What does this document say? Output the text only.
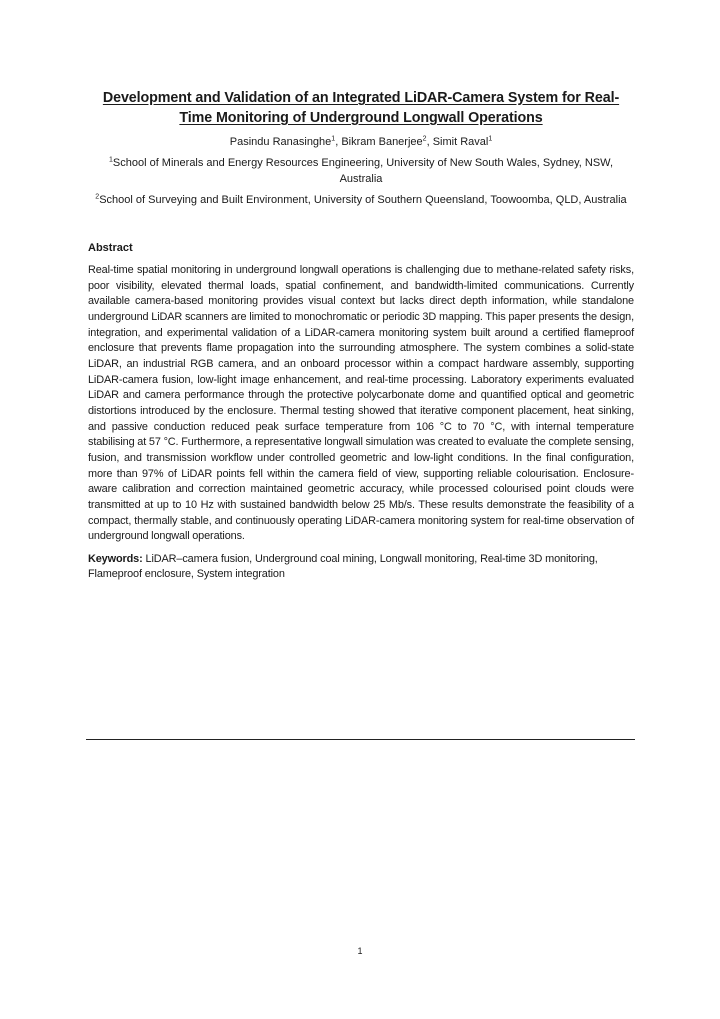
Development and Validation of an Integrated LiDAR-Camera System for Real-Time Monitoring of Underground Longwall Operations
Pasindu Ranasinghe$^1$, Bikram Banerjee$^2$, Simit Raval$^1$
$^1$School of Minerals and Energy Resources Engineering, University of New South Wales, Sydney, NSW, Australia
$^2$School of Surveying and Built Environment, University of Southern Queensland, Toowoomba, QLD, Australia
Abstract

Real-time spatial monitoring in underground longwall operations is challenging due to methane-related safety risks, poor visibility, elevated thermal loads, spatial confinement, and bandwidth-limited communications. Currently available camera-based monitoring provides visual context but lacks direct depth information, while standalone underground LiDAR scanners are limited to monochromatic or periodic 3D mapping. This paper presents the design, integration, and experimental validation of a LiDAR-camera monitoring system built around a certified flameproof enclosure that prevents flame propagation into the surrounding atmosphere. The system combines a solid-state LiDAR, an industrial RGB camera, and an onboard processor within a compact hardware assembly, supporting LiDAR-camera fusion, low-light image enhancement, and real-time processing. Laboratory experiments evaluated LiDAR and camera performance through the protective polycarbonate dome and quantified optical and geometric distortions introduced by the enclosure. Thermal testing showed that iterative component placement, heat sinking, and passive conduction reduced peak surface temperature from 106 °C to 70 °C, with internal temperature stabilising at 57 °C. Furthermore, a representative longwall simulation was created to evaluate the complete sensing, fusion, and transmission workflow under controlled geometric and low-light conditions. In the final configuration, more than 97% of LiDAR points fell within the camera field of view, supporting reliable colourisation. Enclosure-aware calibration and correction maintained geometric accuracy, while processed colourised point clouds were transmitted at up to 10 Hz with sustained bandwidth below 25 Mb/s. These results demonstrate the feasibility of a compact, thermally stable, and continuously operating LiDAR-camera monitoring system for real-time observation of underground longwall operations.

Keywords: LiDAR–camera fusion, Underground coal mining, Longwall monitoring, Real-time 3D monitoring, Flameproof enclosure, System integration
1
